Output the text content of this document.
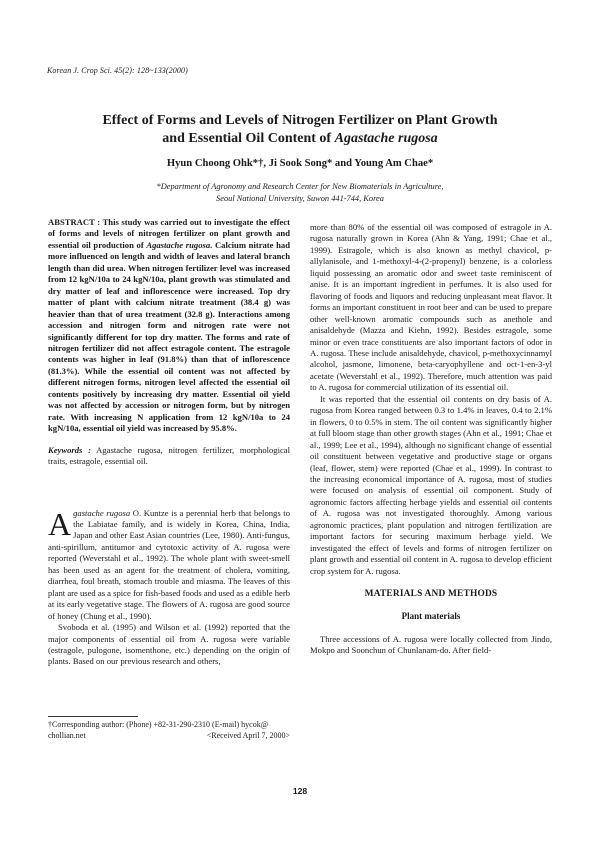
Korean J. Crop Sci. 45(2): 128~133(2000)
Effect of Forms and Levels of Nitrogen Fertilizer on Plant Growth
and Essential Oil Content of Agastache rugosa
Hyun Choong Ohk*†, Ji Sook Song* and Young Am Chae*
*Department of Agronomy and Research Center for New Biomaterials in Agriculture,
Seoul National University, Suwon 441-744, Korea

ABSTRACT : This study was carried out to investigate the effect of forms and levels of nitrogen fertilizer on plant growth and essential oil production of Agastache rugosa. Calcium nitrate had more influenced on length and width of leaves and lateral branch length than did urea. When nitrogen fertilizer level was increased from 12 kgN/10a to 24 kgN/10a, plant growth was stimulated and dry matter of leaf and inflorescence were increased. Top dry matter of plant with calcium nitrate treatment (38.4 g) was heavier than that of urea treatment (32.8 g). Interactions among accession and nitrogen form and nitrogen rate were not significantly different for top dry matter. The forms and rate of nitrogen fertilizer did not affect estragole content. The estragole contents was higher in leaf (91.8%) than that of inflorescence (81.3%). While the essential oil content was not affected by different nitrogen forms, nitrogen level affected the essential oil contents positively by increasing dry matter. Essential oil yield was not affected by accession or nitrogen form, but by nitrogen rate. With increasing N application from 12 kgN/10a to 24 kgN/10a, essential oil yield was increased by 95.8%.

Keywords : Agastache rugosa, nitrogen fertilizer, morphological traits, estragole, essential oil.

Agastache rugosa O. Kuntze is a perennial herb that belongs to the Labiatae family, and is widely in Korea, China, India, Japan and other East Asian countries (Lee, 1980). Anti-fungus, anti-spirillum, antitumor and cytotoxic activity of A. rugosa were reported (Weverstahl et al., 1992). The whole plant with sweet-smell has been used as an agent for the treatment of cholera, vomiting, diarrhea, foul breath, stomach trouble and miasma. The leaves of this plant are used as a spice for fish-based foods and used as a edible herb at its early vegetative stage. The flowers of A. rugosa are good source of honey (Chung et al., 1990).

Svoboda et al. (1995) and Wilson et al. (1992) reported that the major components of essential oil from A. rugosa were variable (estragole, pulogone, isomenthone, etc.) depending on the origin of plants. Based on our previous research and others,

†Corresponding author: (Phone) +82-31-290-2310 (E-mail) hycok@
chollian.net	<Received April 7, 2000>

more than 80% of the essential oil was composed of estragole in A. rugosa naturally grown in Korea (Ahn & Yang, 1991; Chae et al., 1999). Estragole, which is also known as methyl chavicol, p-allylanisole, and 1-methoxyl-4-(2-propenyl) benzene, is a colorless liquid possessing an aromatic odor and sweet taste reminiscent of anise. It is an important ingredient in perfumes. It is also used for flavoring of foods and liquors and reducing unpleasant meat flavor. It forms an important constituent in root beer and can be used to prepare other well-known aromatic compounds such as anethole and anisaldehyde (Mazza and Kiehn, 1992). Besides estragole, some minor or even trace constituents are also important factors of odor in A. rugosa. These include anisaldehyde, chavicol, p-methoxycinnamyl alcohol, jasmone, limonene, beta-caryophyllene and oct-1-en-3-yl acetate (Weverstahl et al., 1992). Therefore, much attention was paid to A. rugosa for commercial utilization of its essential oil.

It was reported that the essential oil contents on dry basis of A. rugosa from Korea ranged between 0.3 to 1.4% in leaves, 0.4 to 2.1% in flowers, 0 to 0.5% in stem. The oil content was significantly higher at full bloom stage than other growth stages (Ahn et al., 1991; Chae et al., 1999; Lee et al., 1994), although no significant change of essential oil constituent between vegetative and productive stage or organs (leaf, flower, stem) were reported (Chae et al., 1999). In contrast to the increasing economical importance of A. rugosa, most of studies were focused on analysis of essential oil component. Study of agronomic factors affecting herbage yields and essential oil contents of A. rugosa was not investigated thoroughly. Among various agronomic practices, plant population and nitrogen fertilization are important factors for securing maximum herbage yield. We investigated the effect of levels and forms of nitrogen fertilizer on plant growth and essential oil content in A. rugosa to develop efficient crop system for A. rugosa.

MATERIALS AND METHODS
Plant materials

Three accessions of A. rugosa were locally collected from Jindo, Mokpo and Soonchun of Chunlanam-do. After field-

128
